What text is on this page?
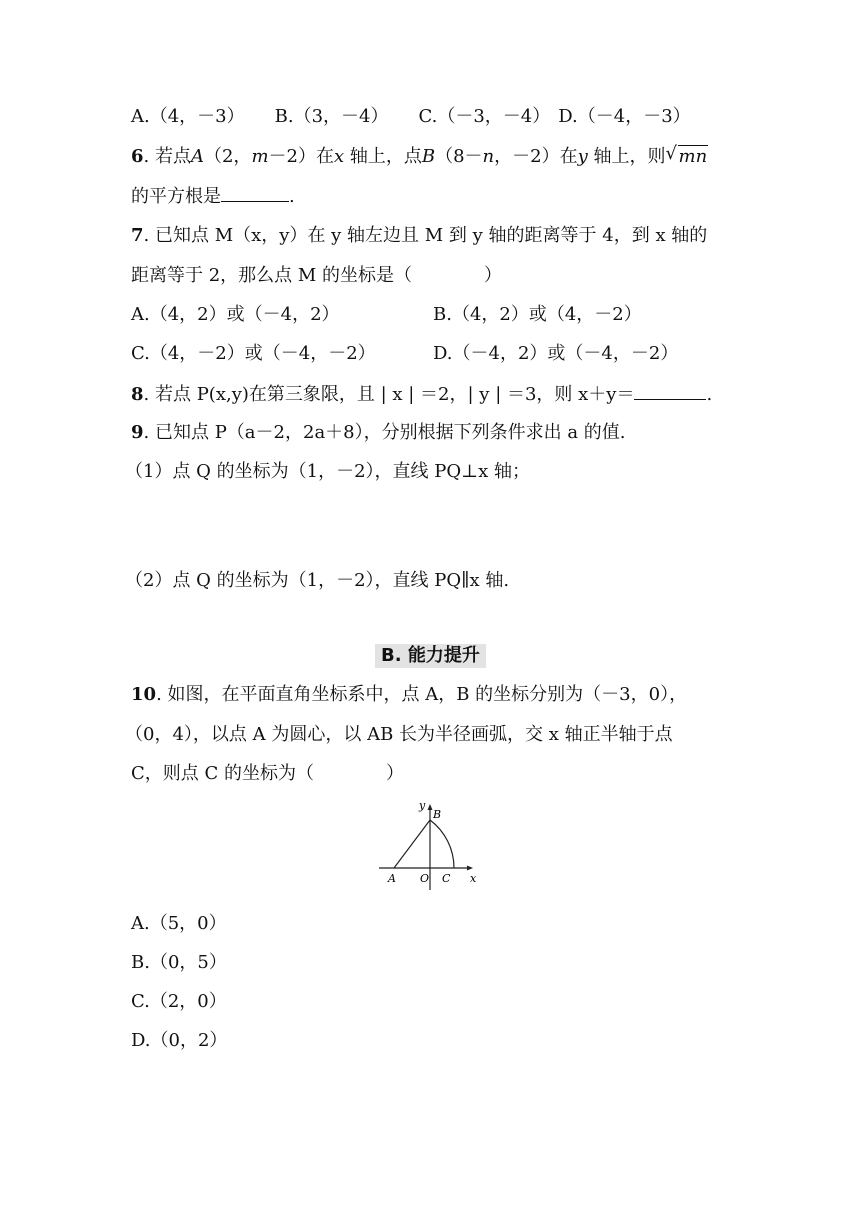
A.（4，－3） B.（3，－4） C.（－3，－4） D.（－4，－3）
6. 若点A（2，m－2）在x 轴上，点B（8－n，－2）在y 轴上，则 √ mn
的平方根是	.
7. 已知点 M（x，y）在 y 轴左边且 M 到 y 轴的距离等于 4，到 x 轴的
距离等于 2，那么点 M 的坐标是（　　　　）
A.（4，2）或（－4，2）	B.（4，2）或（4，－2）
C.（4，－2）或（－4，－2）	D.（－4，2）或（－4，－2）
8. 若点 P(x,y)在第三象限，且 | x | ＝2，| y | ＝3，则 x＋y＝	.
9. 已知点 P（a－2，2a＋8），分别根据下列条件求出 a 的值.
（1）点 Q 的坐标为（1，－2），直线 PQ⊥x 轴；
（2）点 Q 的坐标为（1，－2），直线 PQ∥x 轴.
B. 能力提升
10. 如图，在平面直角坐标系中，点 A，B 的坐标分别为（－3，0），
（0，4），以点 A 为圆心，以 AB 长为半径画弧，交 x 轴正半轴于点
C，则点 C 的坐标为（　　　　）
y
B
A O C x
A.（5，0）
B.（0，5）
C.（2，0）
D.（0，2）
